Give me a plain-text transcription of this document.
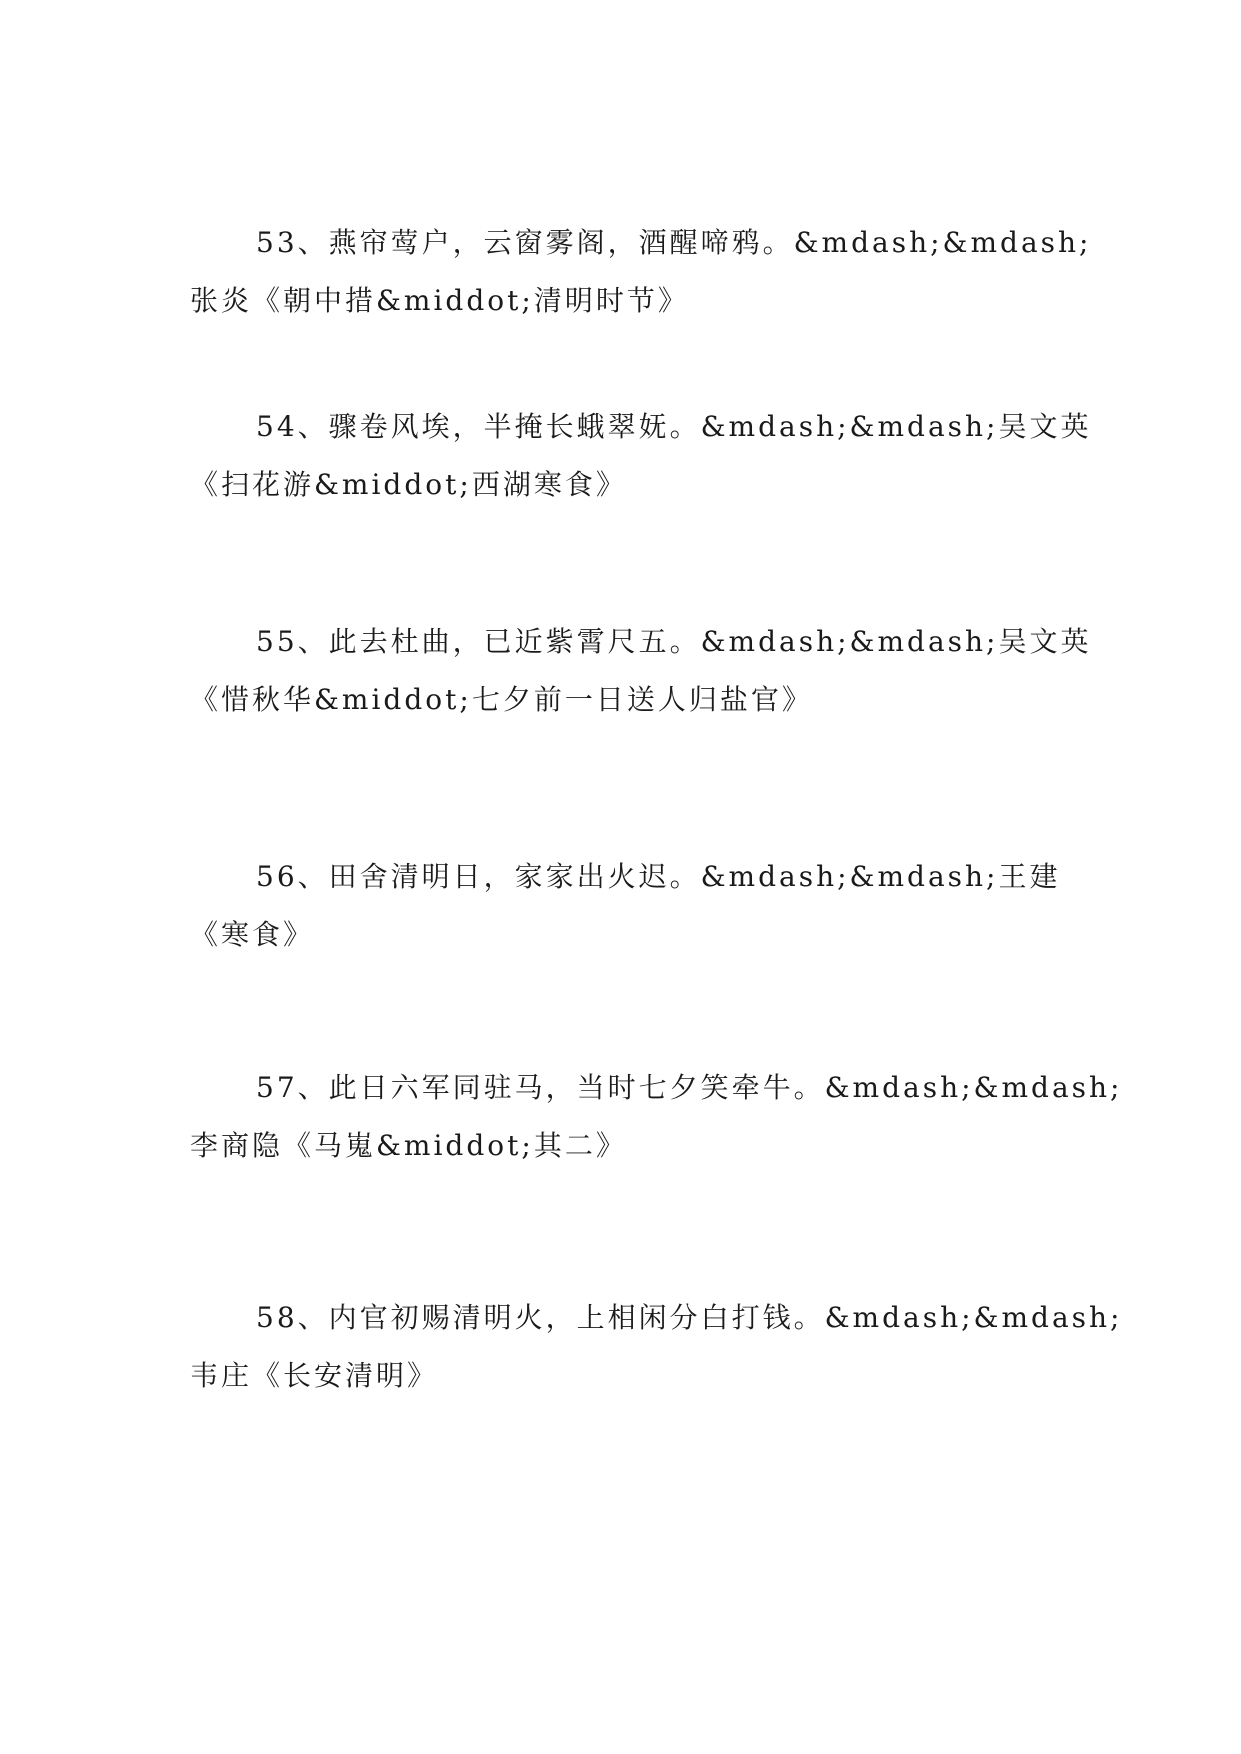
53、燕帘莺户，云窗雾阁，酒醒啼鸦。&mdash;&mdash;
张炎《朝中措&middot;清明时节》
54、骤卷风埃，半掩长蛾翠妩。&mdash;&mdash;吴文英
《扫花游&middot;西湖寒食》
55、此去杜曲，已近紫霄尺五。&mdash;&mdash;吴文英
《惜秋华&middot;七夕前一日送人归盐官》
56、田舍清明日，家家出火迟。&mdash;&mdash;王建
《寒食》
57、此日六军同驻马，当时七夕笑牵牛。&mdash;&mdash;
李商隐《马嵬&middot;其二》
58、内官初赐清明火，上相闲分白打钱。&mdash;&mdash;
韦庄《长安清明》
